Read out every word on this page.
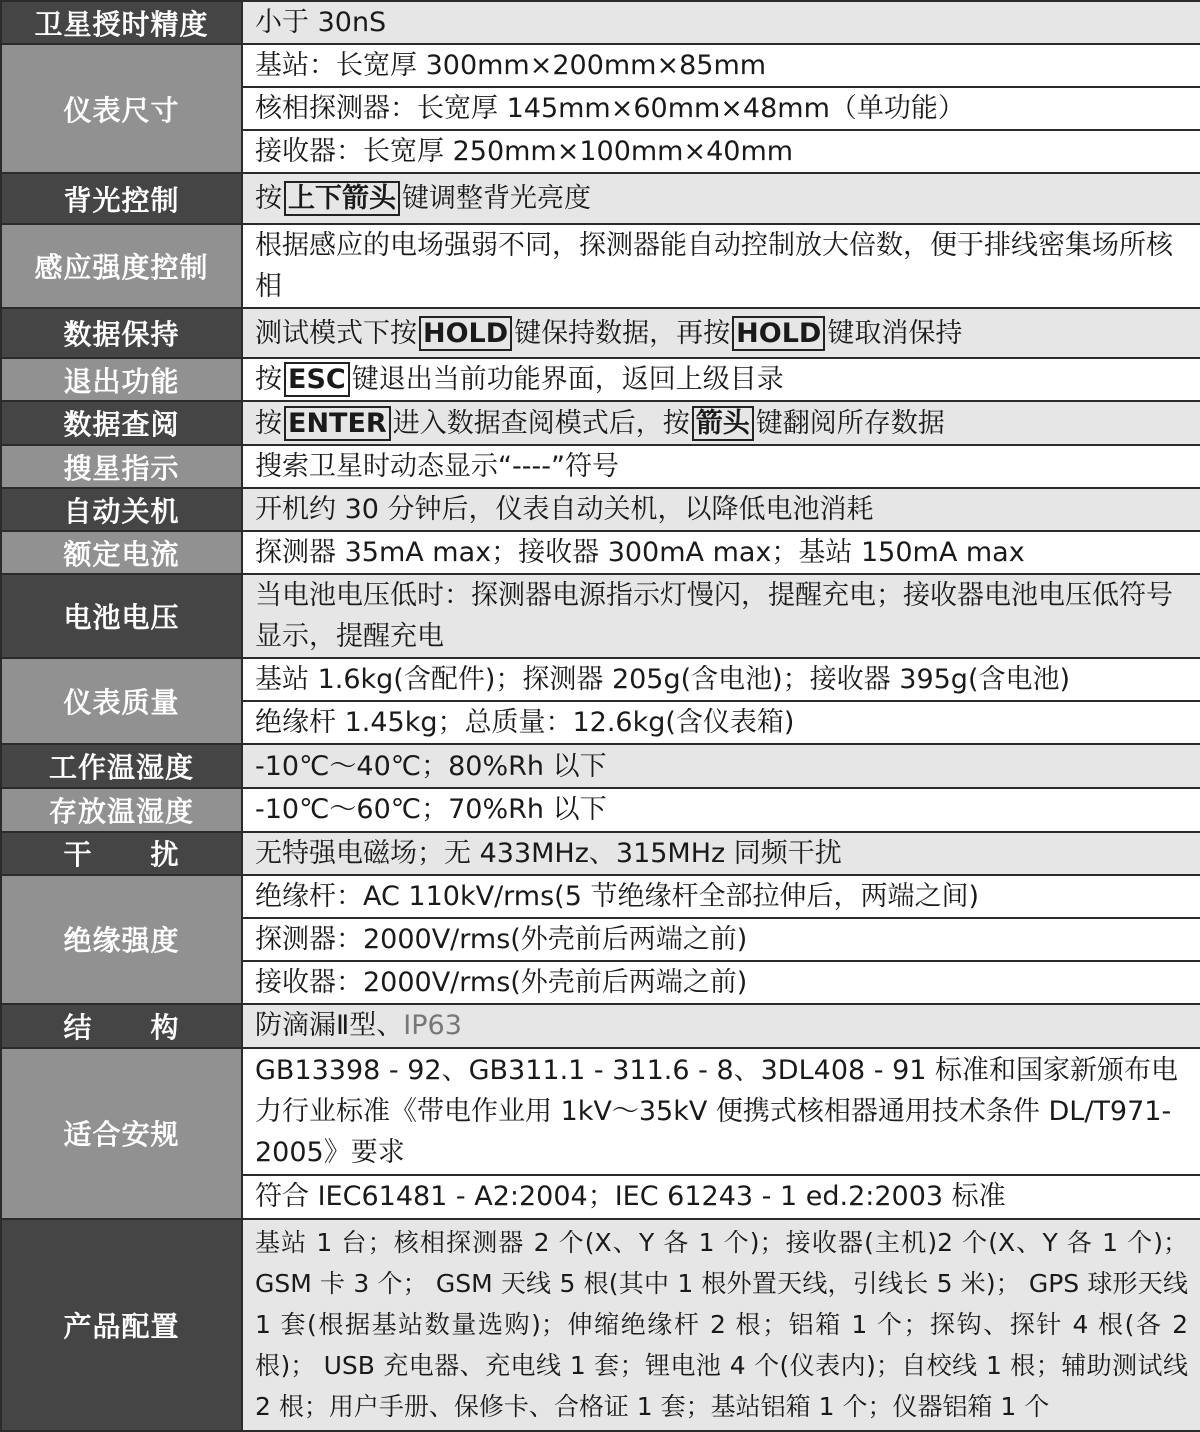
卫星授时精度	小于 30nS
仪表尺寸	基站：长宽厚 300mm×200mm×85mm
	核相探测器：长宽厚 145mm×60mm×48mm（单功能）
	接收器：长宽厚 250mm×100mm×40mm
背光控制	按 上下箭头 键调整背光亮度
感应强度控制	根据感应的电场强弱不同，探测器能自动控制放大倍数，便于排线密集场所核相
数据保持	测试模式下按 HOLD 键保持数据，再按 HOLD 键取消保持
退出功能	按 ESC 键退出当前功能界面，返回上级目录
数据查阅	按 ENTER 进入数据查阅模式后，按 箭头 键翻阅所存数据
搜星指示	搜索卫星时动态显示“----”符号
自动关机	开机约 30 分钟后，仪表自动关机，以降低电池消耗
额定电流	探测器 35mA max；接收器 300mA max；基站 150mA max
电池电压	当电池电压低时：探测器电源指示灯慢闪，提醒充电；接收器电池电压低符号显示，提醒充电
仪表质量	基站 1.6kg(含配件)；探测器 205g(含电池)；接收器 395g(含电池)
	绝缘杆 1.45kg；总质量：12.6kg(含仪表箱)
工作温湿度	-10℃～40℃；80%Rh 以下
存放温湿度	-10℃～60℃；70%Rh 以下
干　　扰	无特强电磁场；无 433MHz、315MHz 同频干扰
绝缘强度	绝缘杆：AC 110kV/rms(5 节绝缘杆全部拉伸后，两端之间)
	探测器：2000V/rms(外壳前后两端之前)
	接收器：2000V/rms(外壳前后两端之前)
结　　构	防滴漏Ⅱ型、IP63
适合安规	GB13398 - 92、GB311.1 - 311.6 - 8、3DL408 - 91 标准和国家新颁布电力行业标准《带电作业用 1kV～35kV 便携式核相器通用技术条件 DL/T971-2005》要求
	符合 IEC61481 - A2:2004；IEC 61243 - 1 ed.2:2003 标准
产品配置	基站 1 台；核相探测器 2 个(X、Y 各 1 个)；接收器(主机)2 个(X、Y 各 1 个)； GSM 卡 3 个； GSM 天线 5 根(其中 1 根外置天线，引线长 5 米)； GPS 球形天线 1 套(根据基站数量选购)；伸缩绝缘杆 2 根；铝箱 1 个；探钩、探针 4 根(各 2 根)； USB 充电器、充电线 1 套；锂电池 4 个(仪表内)；自校线 1 根；辅助测试线 2 根；用户手册、保修卡、合格证 1 套；基站铝箱 1 个；仪器铝箱 1 个
